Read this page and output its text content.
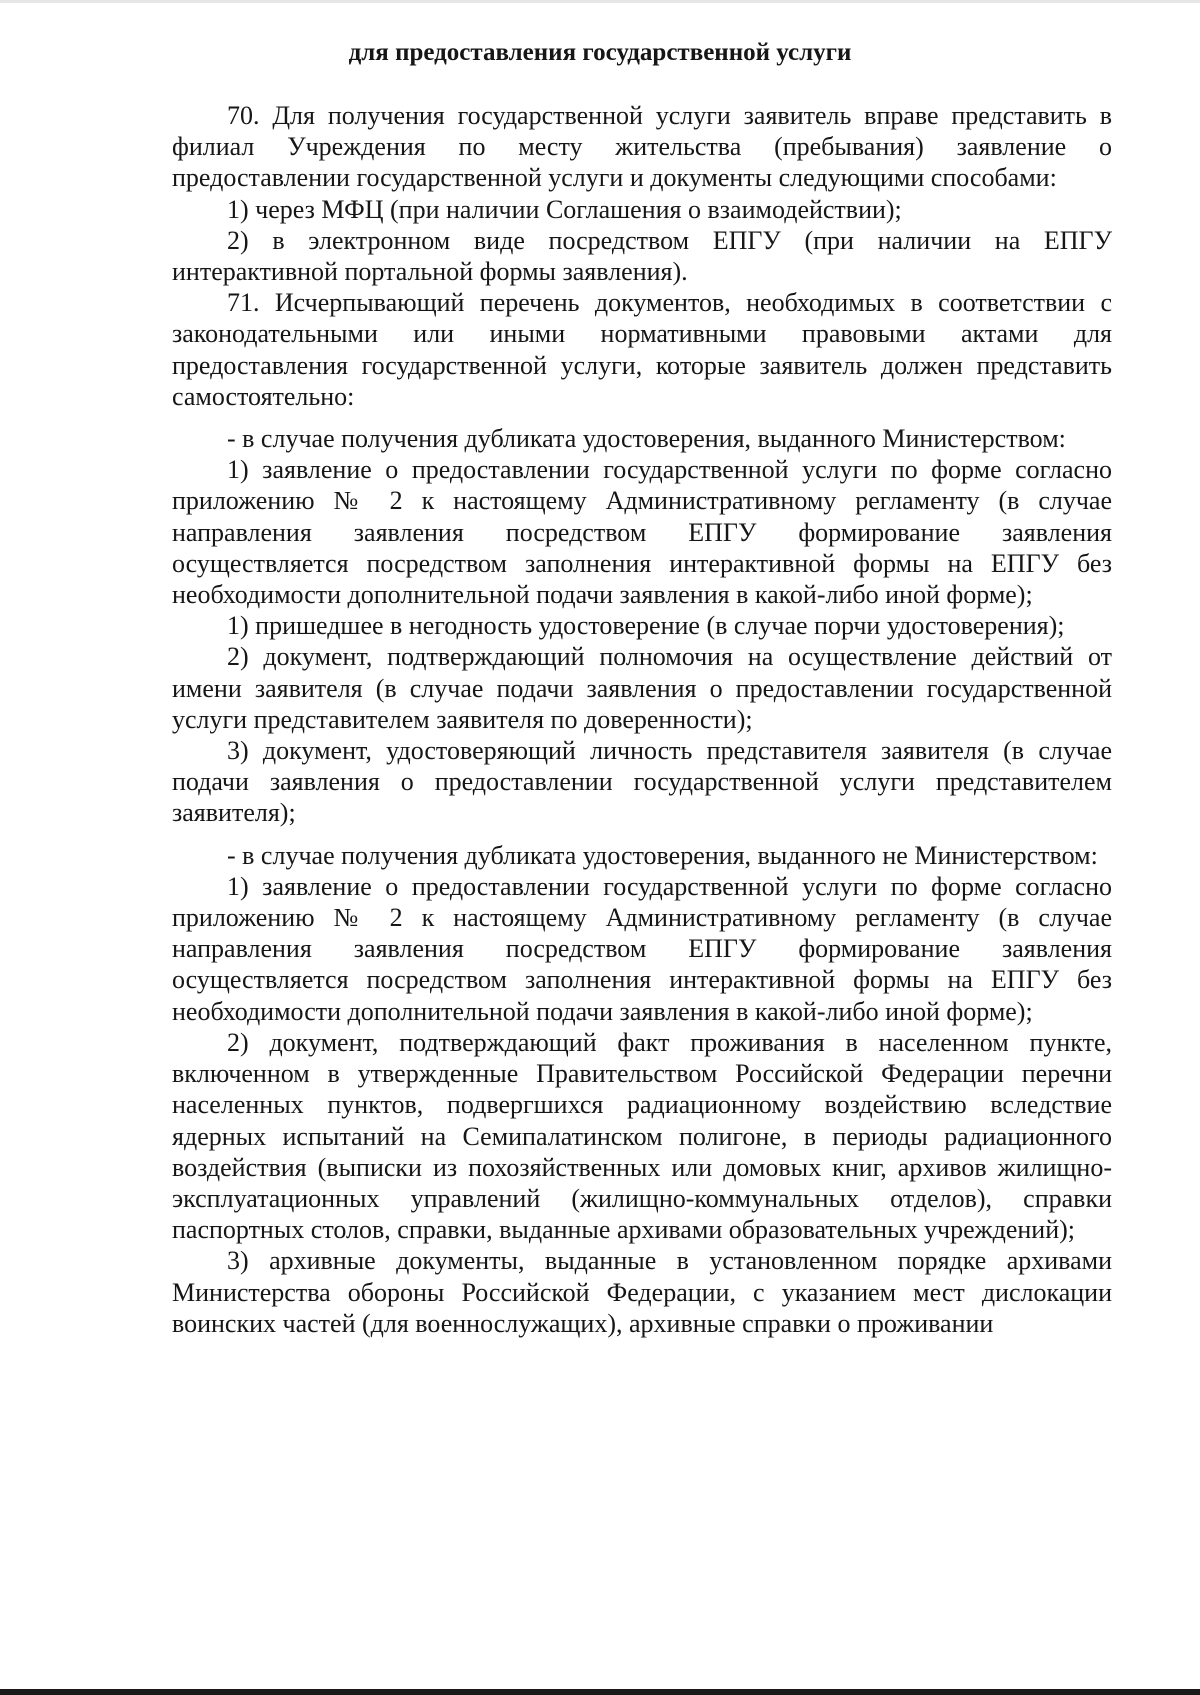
для предоставления государственной услуги

70. Для получения государственной услуги заявитель вправе представить в филиал Учреждения по месту жительства (пребывания) заявление о предоставлении государственной услуги и документы следующими способами:

1) через МФЦ (при наличии Соглашения о взаимодействии);

2) в электронном виде посредством ЕПГУ (при наличии на ЕПГУ интерактивной портальной формы заявления).

71. Исчерпывающий перечень документов, необходимых в соответствии с законодательными или иными нормативными правовыми актами для предоставления государственной услуги, которые заявитель должен представить самостоятельно:

- в случае получения дубликата удостоверения, выданного Министерством:

1) заявление о предоставлении государственной услуги по форме согласно приложению № 2 к настоящему Административному регламенту (в случае направления заявления посредством ЕПГУ формирование заявления осуществляется посредством заполнения интерактивной формы на ЕПГУ без необходимости дополнительной подачи заявления в какой-либо иной форме);

1) пришедшее в негодность удостоверение (в случае порчи удостоверения);

2) документ, подтверждающий полномочия на осуществление действий от имени заявителя (в случае подачи заявления о предоставлении государственной услуги представителем заявителя по доверенности);

3) документ, удостоверяющий личность представителя заявителя (в случае подачи заявления о предоставлении государственной услуги представителем заявителя);

- в случае получения дубликата удостоверения, выданного не Министерством:

1) заявление о предоставлении государственной услуги по форме согласно приложению № 2 к настоящему Административному регламенту (в случае направления заявления посредством ЕПГУ формирование заявления осуществляется посредством заполнения интерактивной формы на ЕПГУ без необходимости дополнительной подачи заявления в какой-либо иной форме);

2) документ, подтверждающий факт проживания в населенном пункте, включенном в утвержденные Правительством Российской Федерации перечни населенных пунктов, подвергшихся радиационному воздействию вследствие ядерных испытаний на Семипалатинском полигоне, в периоды радиационного воздействия (выписки из похозяйственных или домовых книг, архивов жилищно-эксплуатационных управлений (жилищно-коммунальных отделов), справки паспортных столов, справки, выданные архивами образовательных учреждений);

3) архивные документы, выданные в установленном порядке архивами Министерства обороны Российской Федерации, с указанием мест дислокации воинских частей (для военнослужащих), архивные справки о проживании
